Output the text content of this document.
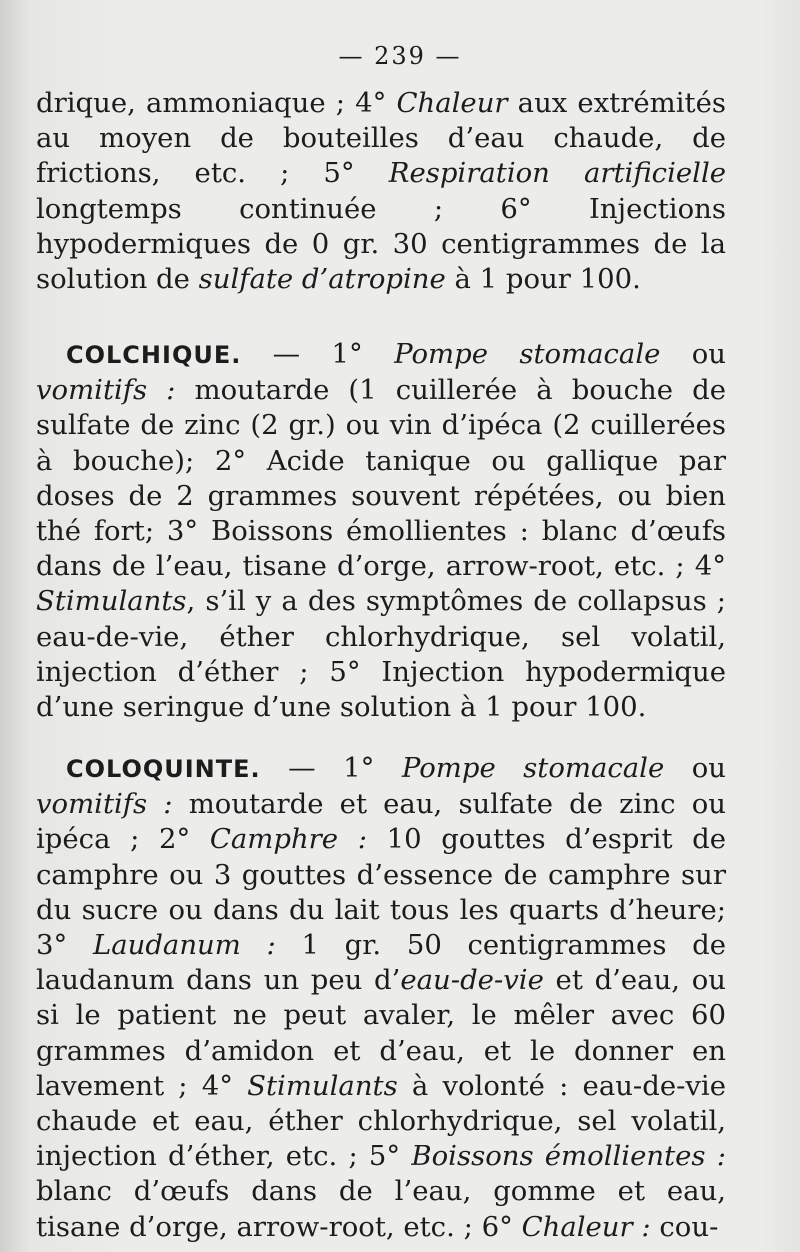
— 239 —

drique, ammoniaque ; 4° Chaleur aux extrémités au moyen de bouteilles d’eau chaude, de frictions, etc. ; 5° Respiration artificielle longtemps continuée ; 6° Injections hypodermiques de 0 gr. 30 centigrammes de la solution de sulfate d’atropine à 1 pour 100.

COLCHIQUE. — 1° Pompe stomacale ou vomitifs : moutarde (1 cuillerée à bouche de sulfate de zinc (2 gr.) ou vin d’ipéca (2 cuillerées à bouche); 2° Acide tanique ou gallique par doses de 2 grammes souvent répétées, ou bien thé fort; 3° Boissons émollientes : blanc d’œufs dans de l’eau, tisane d’orge, arrow-root, etc. ; 4° Stimulants, s’il y a des symptômes de collapsus ; eau-de-vie, éther chlorhydrique, sel volatil, injection d’éther ; 5° Injection hypodermique d’une seringue d’une solution à 1 pour 100.

COLOQUINTE. — 1° Pompe stomacale ou vomitifs : moutarde et eau, sulfate de zinc ou ipéca ; 2° Camphre : 10 gouttes d’esprit de camphre ou 3 gouttes d’essence de camphre sur du sucre ou dans du lait tous les quarts d’heure; 3° Laudanum : 1 gr. 50 centigrammes de laudanum dans un peu d’eau-de-vie et d’eau, ou si le patient ne peut avaler, le mêler avec 60 grammes d’amidon et d’eau, et le donner en lavement ; 4° Stimulants à volonté : eau-de-vie chaude et eau, éther chlorhydrique, sel volatil, injection d’éther, etc. ; 5° Boissons émollientes : blanc d’œufs dans de l’eau, gomme et eau, tisane d’orge, arrow-root, etc. ; 6° Chaleur : cou-
